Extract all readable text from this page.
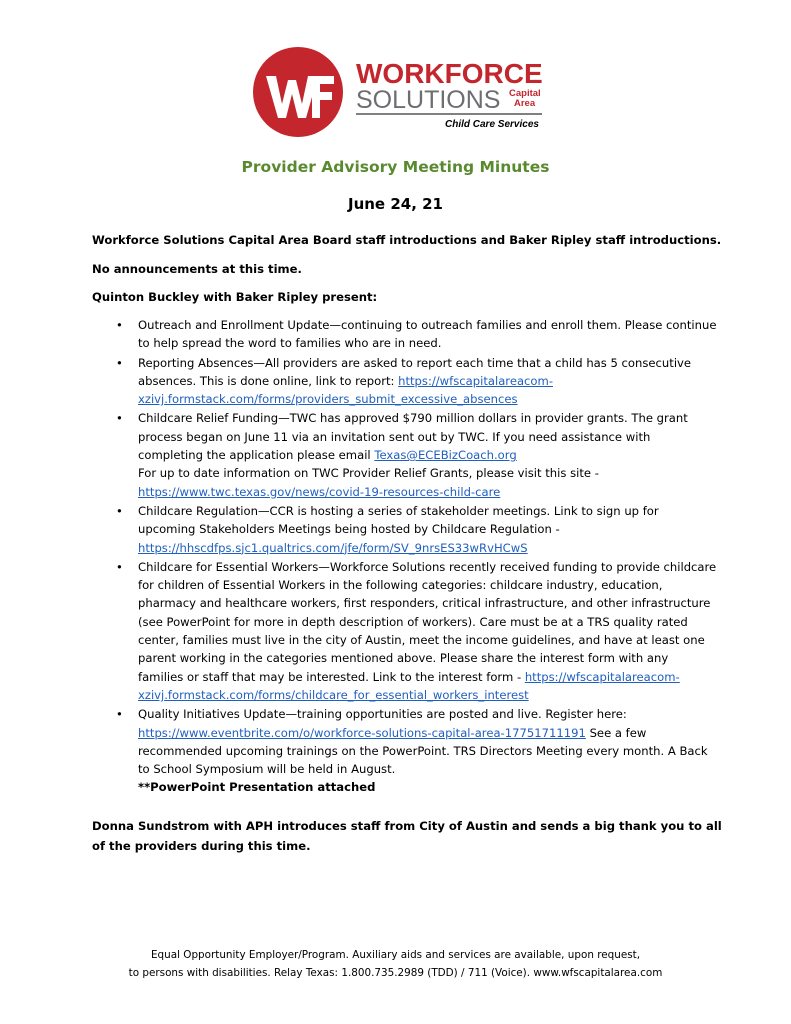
WORKFORCE
SOLUTIONS Capital
Area
Child Care Services
Provider Advisory Meeting Minutes
June 24, 21
Workforce Solutions Capital Area Board staff introductions and Baker Ripley staff introductions.
No announcements at this time.
Quinton Buckley with Baker Ripley present:
• Outreach and Enrollment Update—continuing to outreach families and enroll them. Please continue to help spread the word to families who are in need.
• Reporting Absences—All providers are asked to report each time that a child has 5 consecutive absences. This is done online, link to report: https://wfscapitalareacom-xzivj.formstack.com/forms/providers_submit_excessive_absences
• Childcare Relief Funding—TWC has approved $790 million dollars in provider grants. The grant process began on June 11 via an invitation sent out by TWC. If you need assistance with completing the application please email Texas@ECEBizCoach.org
For up to date information on TWC Provider Relief Grants, please visit this site - https://www.twc.texas.gov/news/covid-19-resources-child-care
• Childcare Regulation—CCR is hosting a series of stakeholder meetings. Link to sign up for upcoming Stakeholders Meetings being hosted by Childcare Regulation - https://hhscdfps.sjc1.qualtrics.com/jfe/form/SV_9nrsES33wRvHCwS
• Childcare for Essential Workers—Workforce Solutions recently received funding to provide childcare for children of Essential Workers in the following categories: childcare industry, education, pharmacy and healthcare workers, first responders, critical infrastructure, and other infrastructure (see PowerPoint for more in depth description of workers). Care must be at a TRS quality rated center, families must live in the city of Austin, meet the income guidelines, and have at least one parent working in the categories mentioned above. Please share the interest form with any families or staff that may be interested. Link to the interest form - https://wfscapitalareacom-xzivj.formstack.com/forms/childcare_for_essential_workers_interest
• Quality Initiatives Update—training opportunities are posted and live. Register here: https://www.eventbrite.com/o/workforce-solutions-capital-area-17751711191 See a few recommended upcoming trainings on the PowerPoint. TRS Directors Meeting every month. A Back to School Symposium will be held in August.
**PowerPoint Presentation attached
Donna Sundstrom with APH introduces staff from City of Austin and sends a big thank you to all of the providers during this time.
Equal Opportunity Employer/Program. Auxiliary aids and services are available, upon request,
to persons with disabilities. Relay Texas: 1.800.735.2989 (TDD) / 711 (Voice). www.wfscapitalarea.com
